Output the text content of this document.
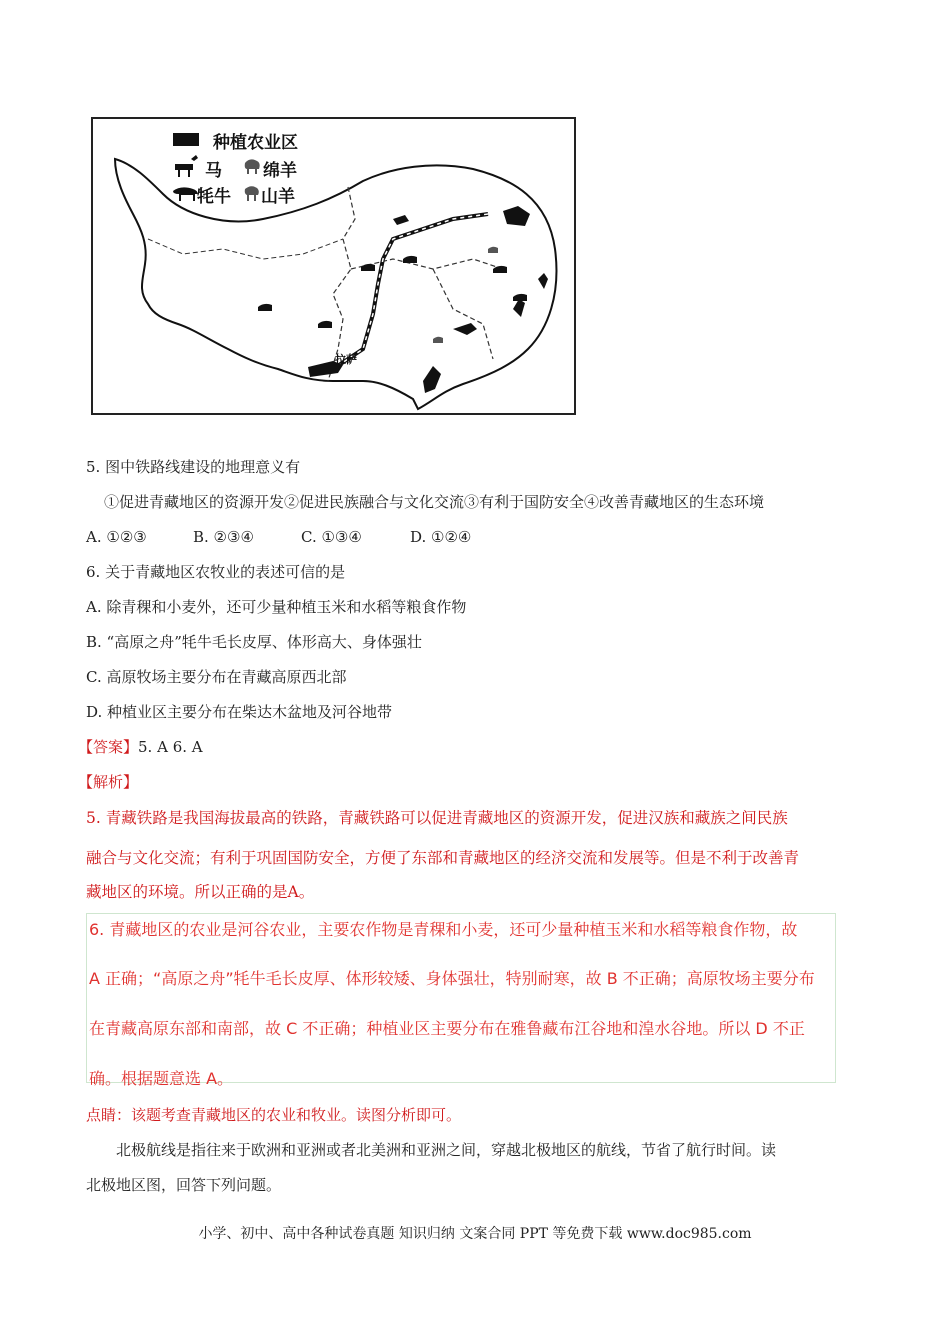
种植农业区
马 绵羊
牦牛 山羊
拉萨
5. 图中铁路线建设的地理意义有
①促进青藏地区的资源开发②促进民族融合与文化交流③有利于国防安全④改善青藏地区的生态环境
A. ①②③	B. ②③④	C. ①③④	D. ①②④
6. 关于青藏地区农牧业的表述可信的是
A. 除青稞和小麦外，还可少量种植玉米和水稻等粮食作物
B. “高原之舟”牦牛毛长皮厚、体形高大、身体强壮
C. 高原牧场主要分布在青藏高原西北部
D. 种植业区主要分布在柴达木盆地及河谷地带
【答案】5. A 6. A
【解析】
5. 青藏铁路是我国海拔最高的铁路，青藏铁路可以促进青藏地区的资源开发，促进汉族和藏族之间民族
融合与文化交流；有利于巩固国防安全，方便了东部和青藏地区的经济交流和发展等。但是不利于改善青
藏地区的环境。所以正确的是A。
6. 青藏地区的农业是河谷农业，主要农作物是青稞和小麦，还可少量种植玉米和水稻等粮食作物，故
A 正确；“高原之舟”牦牛毛长皮厚、体形较矮、身体强壮，特别耐寒，故 B 不正确；高原牧场主要分布
在青藏高原东部和南部，故 C 不正确；种植业区主要分布在雅鲁藏布江谷地和湟水谷地。所以 D 不正
确。根据题意选 A。
点睛：该题考查青藏地区的农业和牧业。读图分析即可。
北极航线是指往来于欧洲和亚洲或者北美洲和亚洲之间，穿越北极地区的航线，节省了航行时间。读
北极地区图，回答下列问题。
小学、初中、高中各种试卷真题 知识归纳 文案合同 PPT 等免费下载 www.doc985.com
